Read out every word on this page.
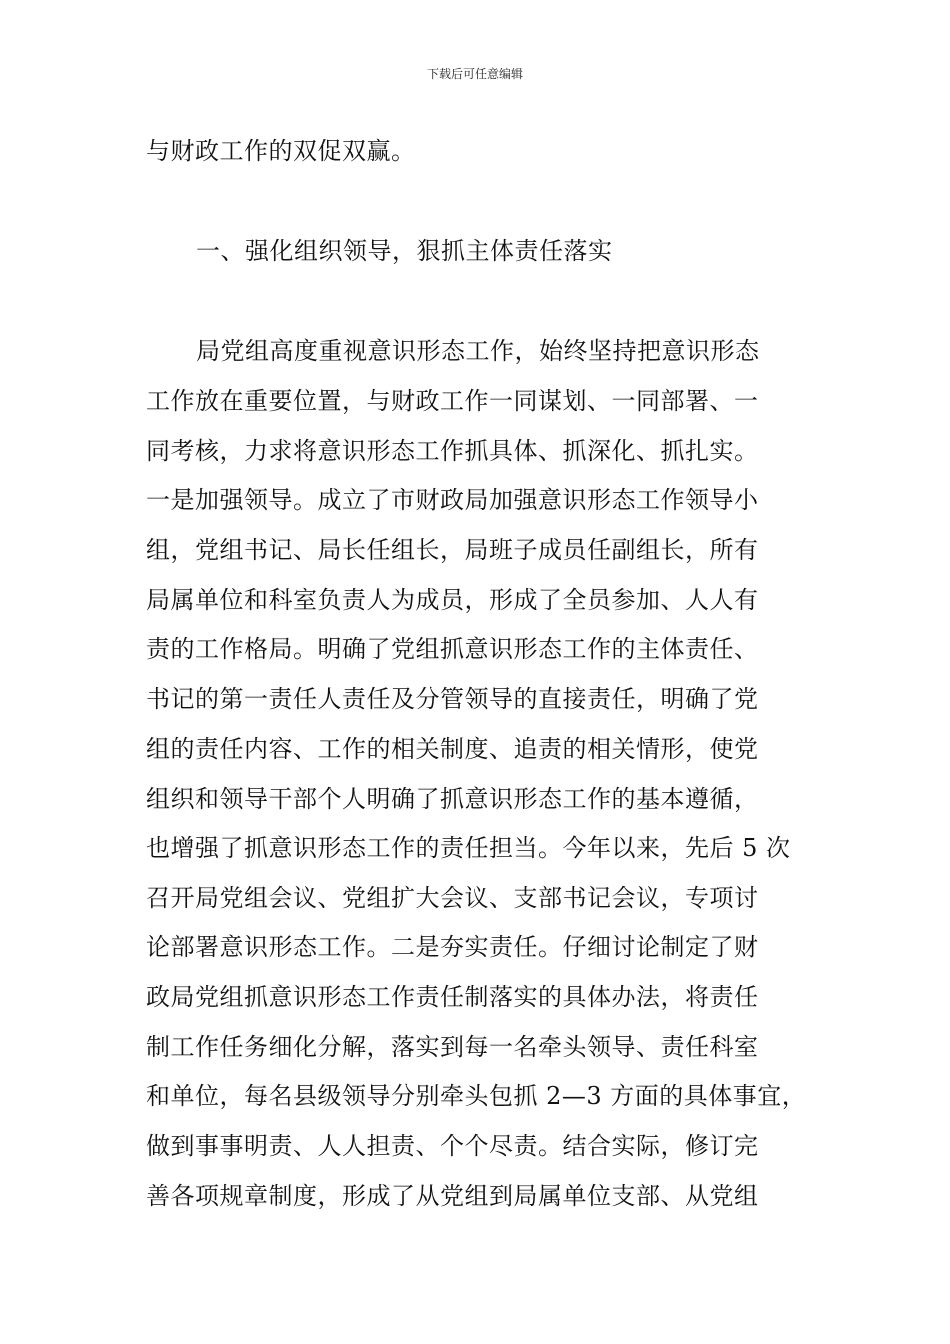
下载后可任意编辑
与财政工作的双促双赢。
一、强化组织领导，狠抓主体责任落实
局党组高度重视意识形态工作，始终坚持把意识形态
工作放在重要位置，与财政工作一同谋划、一同部署、一
同考核，力求将意识形态工作抓具体、抓深化、抓扎实。
一是加强领导。成立了市财政局加强意识形态工作领导小
组，党组书记、局长任组长，局班子成员任副组长，所有
局属单位和科室负责人为成员，形成了全员参加、人人有
责的工作格局。明确了党组抓意识形态工作的主体责任、
书记的第一责任人责任及分管领导的直接责任，明确了党
组的责任内容、工作的相关制度、追责的相关情形，使党
组织和领导干部个人明确了抓意识形态工作的基本遵循，
也增强了抓意识形态工作的责任担当。今年以来，先后 5 次
召开局党组会议、党组扩大会议、支部书记会议，专项讨
论部署意识形态工作。二是夯实责任。仔细讨论制定了财
政局党组抓意识形态工作责任制落实的具体办法，将责任
制工作任务细化分解，落实到每一名牵头领导、责任科室
和单位，每名县级领导分别牵头包抓 2—3 方面的具体事宜，
做到事事明责、人人担责、个个尽责。结合实际，修订完
善各项规章制度，形成了从党组到局属单位支部、从党组
